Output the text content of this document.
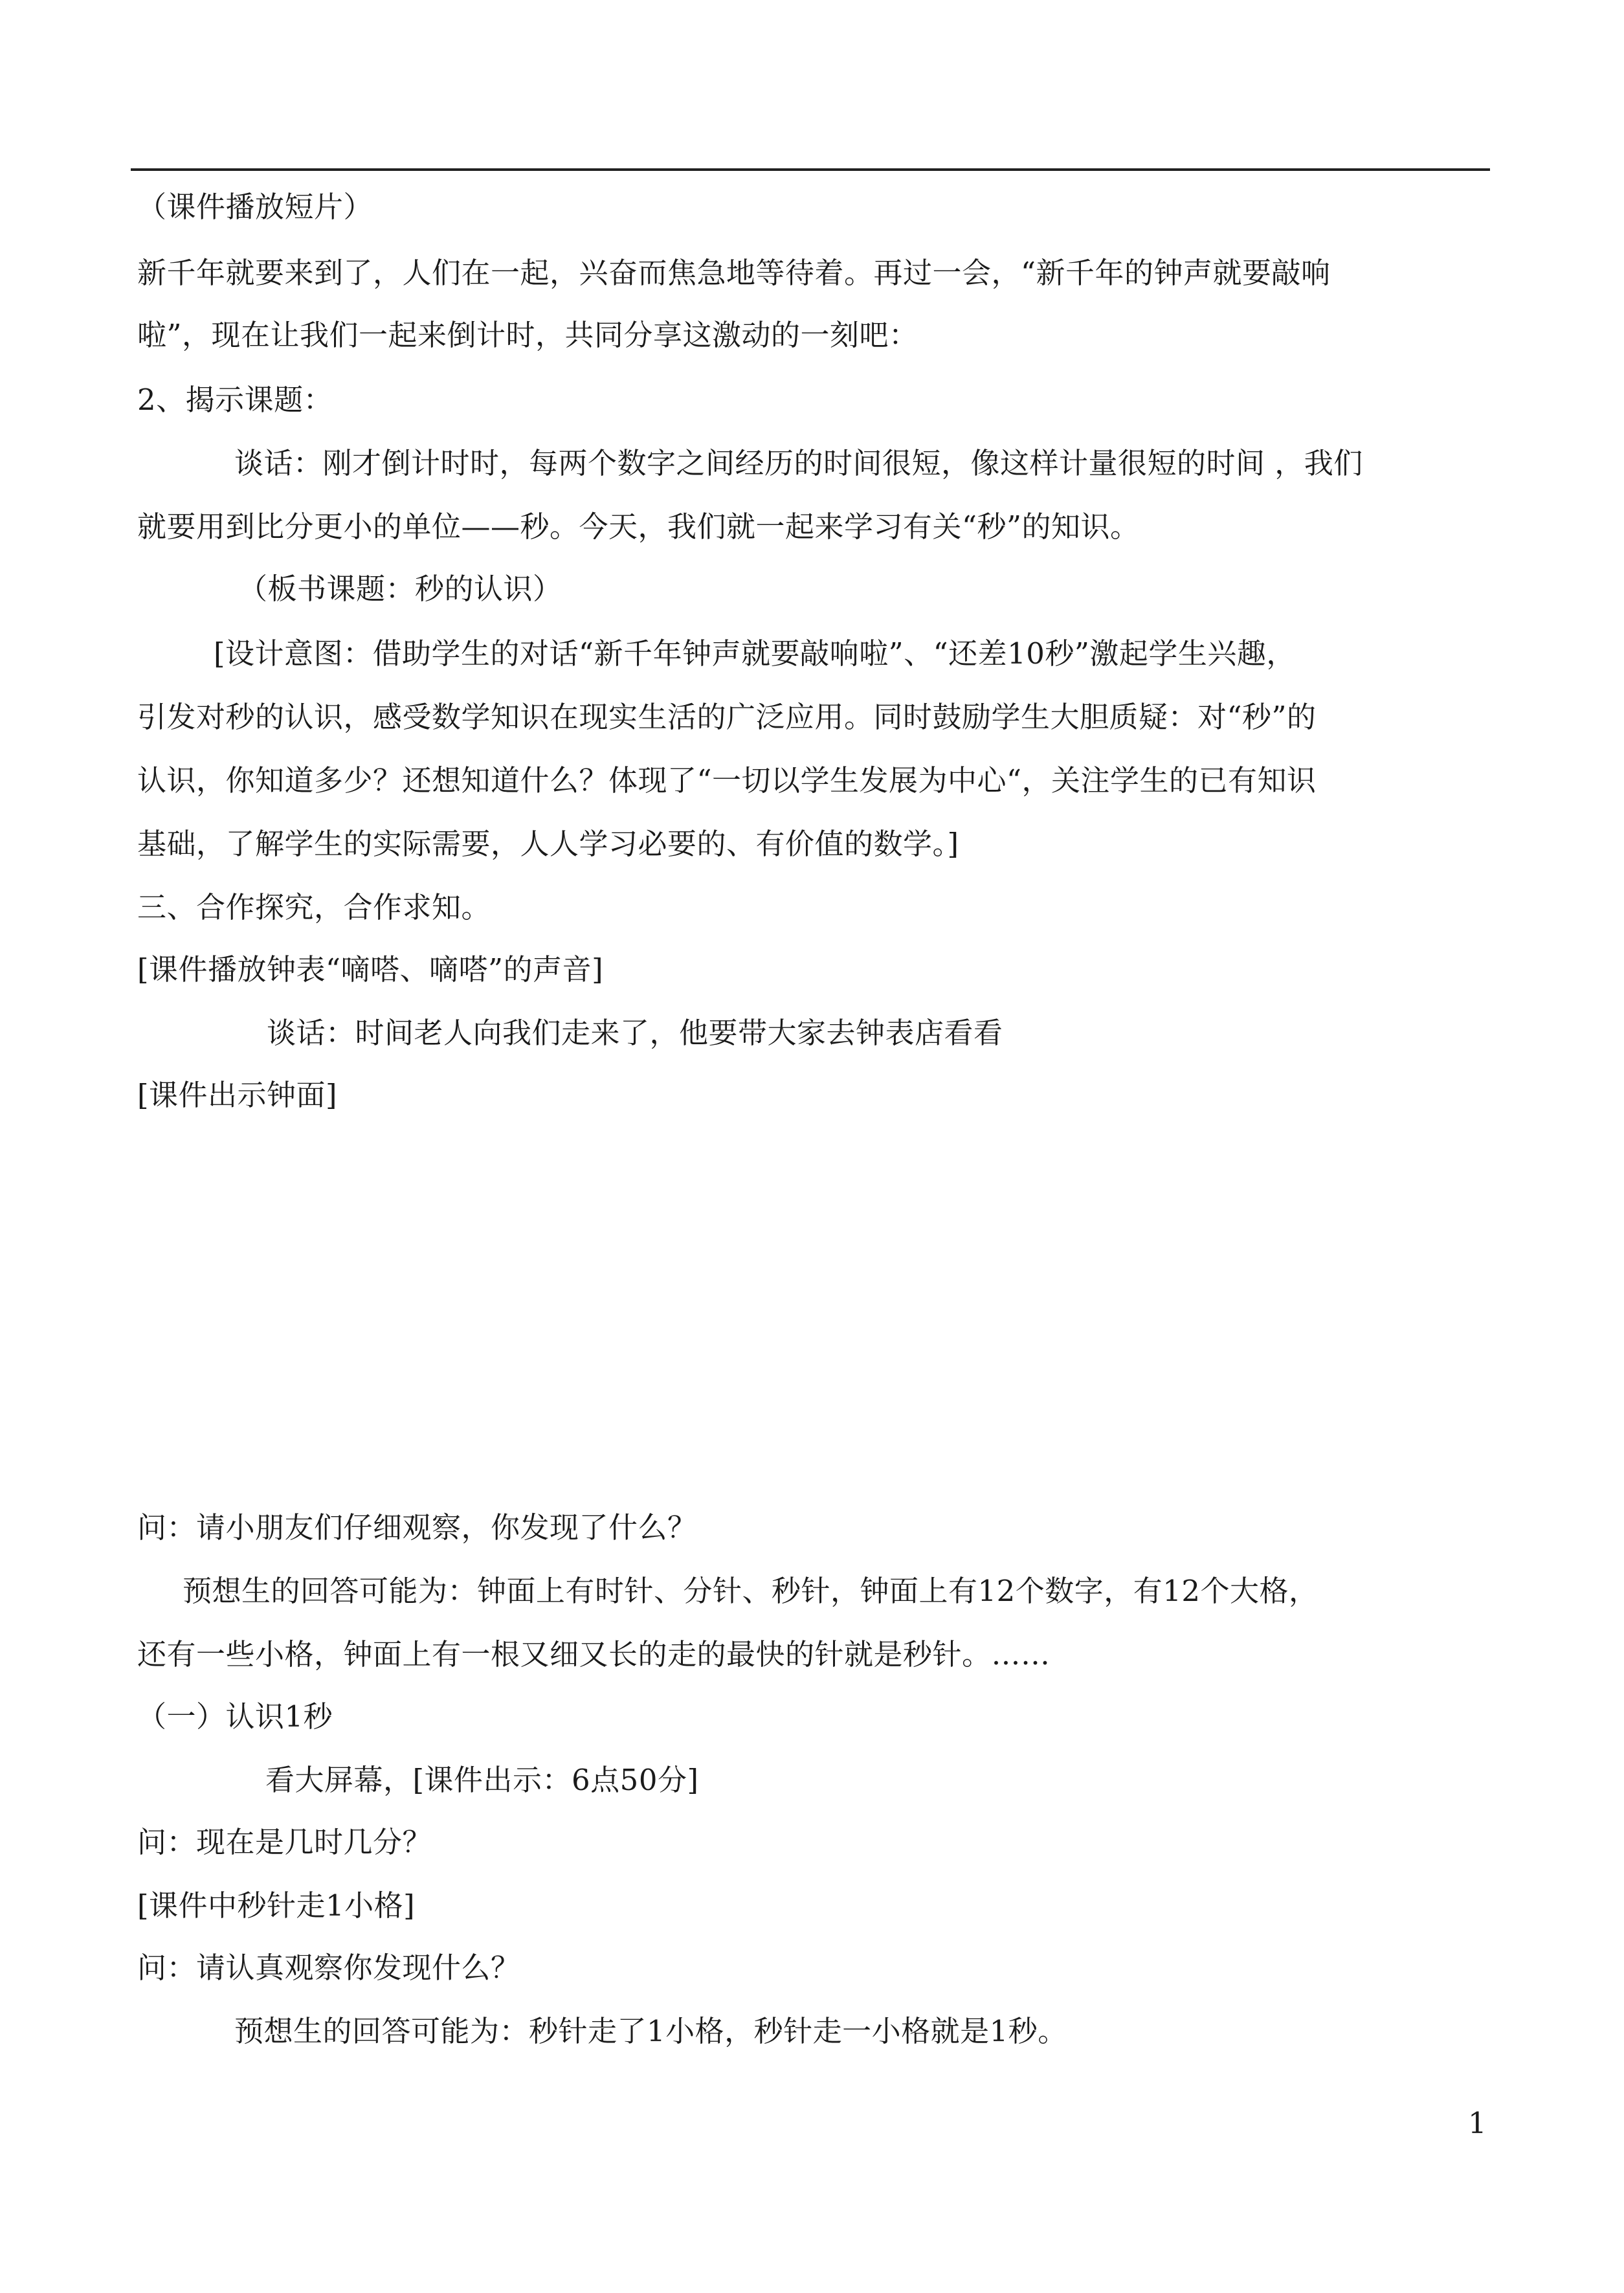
（课件播放短片）
新千年就要来到了，人们在一起，兴奋而焦急地等待着。再过一会，“新千年的钟声就要敲响
啦”，现在让我们一起来倒计时，共同分享这激动的一刻吧：
2、揭示课题：
谈话：刚才倒计时时，每两个数字之间经历的时间很短，像这样计量很短的时间 ，我们
就要用到比分更小的单位——秒。今天，我们就一起来学习有关“秒”的知识。
（板书课题：秒的认识）
[设计意图：借助学生的对话“新千年钟声就要敲响啦”、“还差10秒”激起学生兴趣，
引发对秒的认识，感受数学知识在现实生活的广泛应用。同时鼓励学生大胆质疑：对“秒”的
认识，你知道多少？还想知道什么？体现了“一切以学生发展为中心“，关注学生的已有知识
基础，了解学生的实际需要，人人学习必要的、有价值的数学。]
三、合作探究，合作求知。
[课件播放钟表“嘀嗒、嘀嗒”的声音]
谈话：时间老人向我们走来了，他要带大家去钟表店看看
[课件出示钟面]
问：请小朋友们仔细观察，你发现了什么？
预想生的回答可能为：钟面上有时针、分针、秒针，钟面上有12个数字，有12个大格，
还有一些小格，钟面上有一根又细又长的走的最快的针就是秒针。……
（一）认识1秒
看大屏幕，[课件出示：6点50分]
问：现在是几时几分？
[课件中秒针走1小格]
问：请认真观察你发现什么？
预想生的回答可能为：秒针走了1小格，秒针走一小格就是1秒。
1
